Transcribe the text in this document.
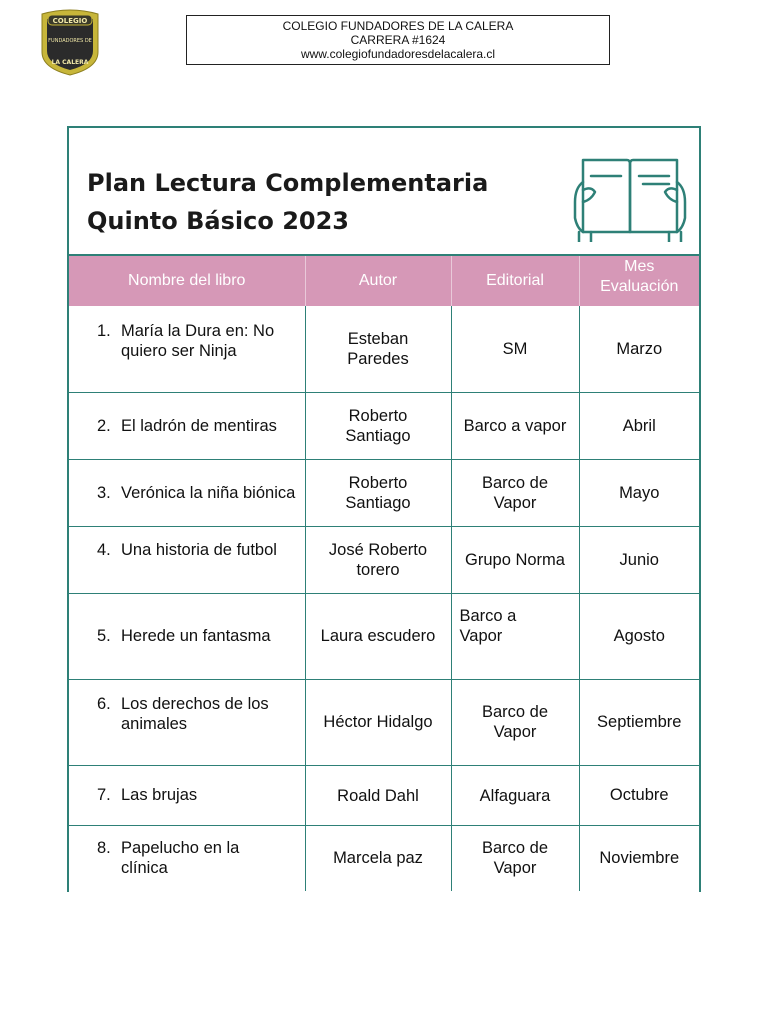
COLEGIO
FUNDADORES DE
LA CALERA
COLEGIO FUNDADORES DE LA CALERA
CARRERA #1624
www.colegiofundadoresdelacalera.cl
Plan Lectura Complementaria
Quinto Básico 2023
Nombre del libro	Autor	Editorial	Mes Evaluación

1. María la Dura en: No quiero ser Ninja	Esteban Paredes	SM	Marzo

2. El ladrón de mentiras	Roberto Santiago	Barco a vapor	Abril

3. Verónica la niña biónica	Roberto Santiago	Barco de Vapor	Mayo

4. Una historia de futbol	José Roberto torero	Grupo Norma	Junio

5. Herede un fantasma	Laura escudero	Barco a Vapor	Agosto

6. Los derechos de los animales	Héctor Hidalgo	Barco de Vapor	Septiembre

7. Las brujas	Roald Dahl	Alfaguara	Octubre

8. Papelucho en la clínica	Marcela paz	Barco de Vapor	Noviembre
